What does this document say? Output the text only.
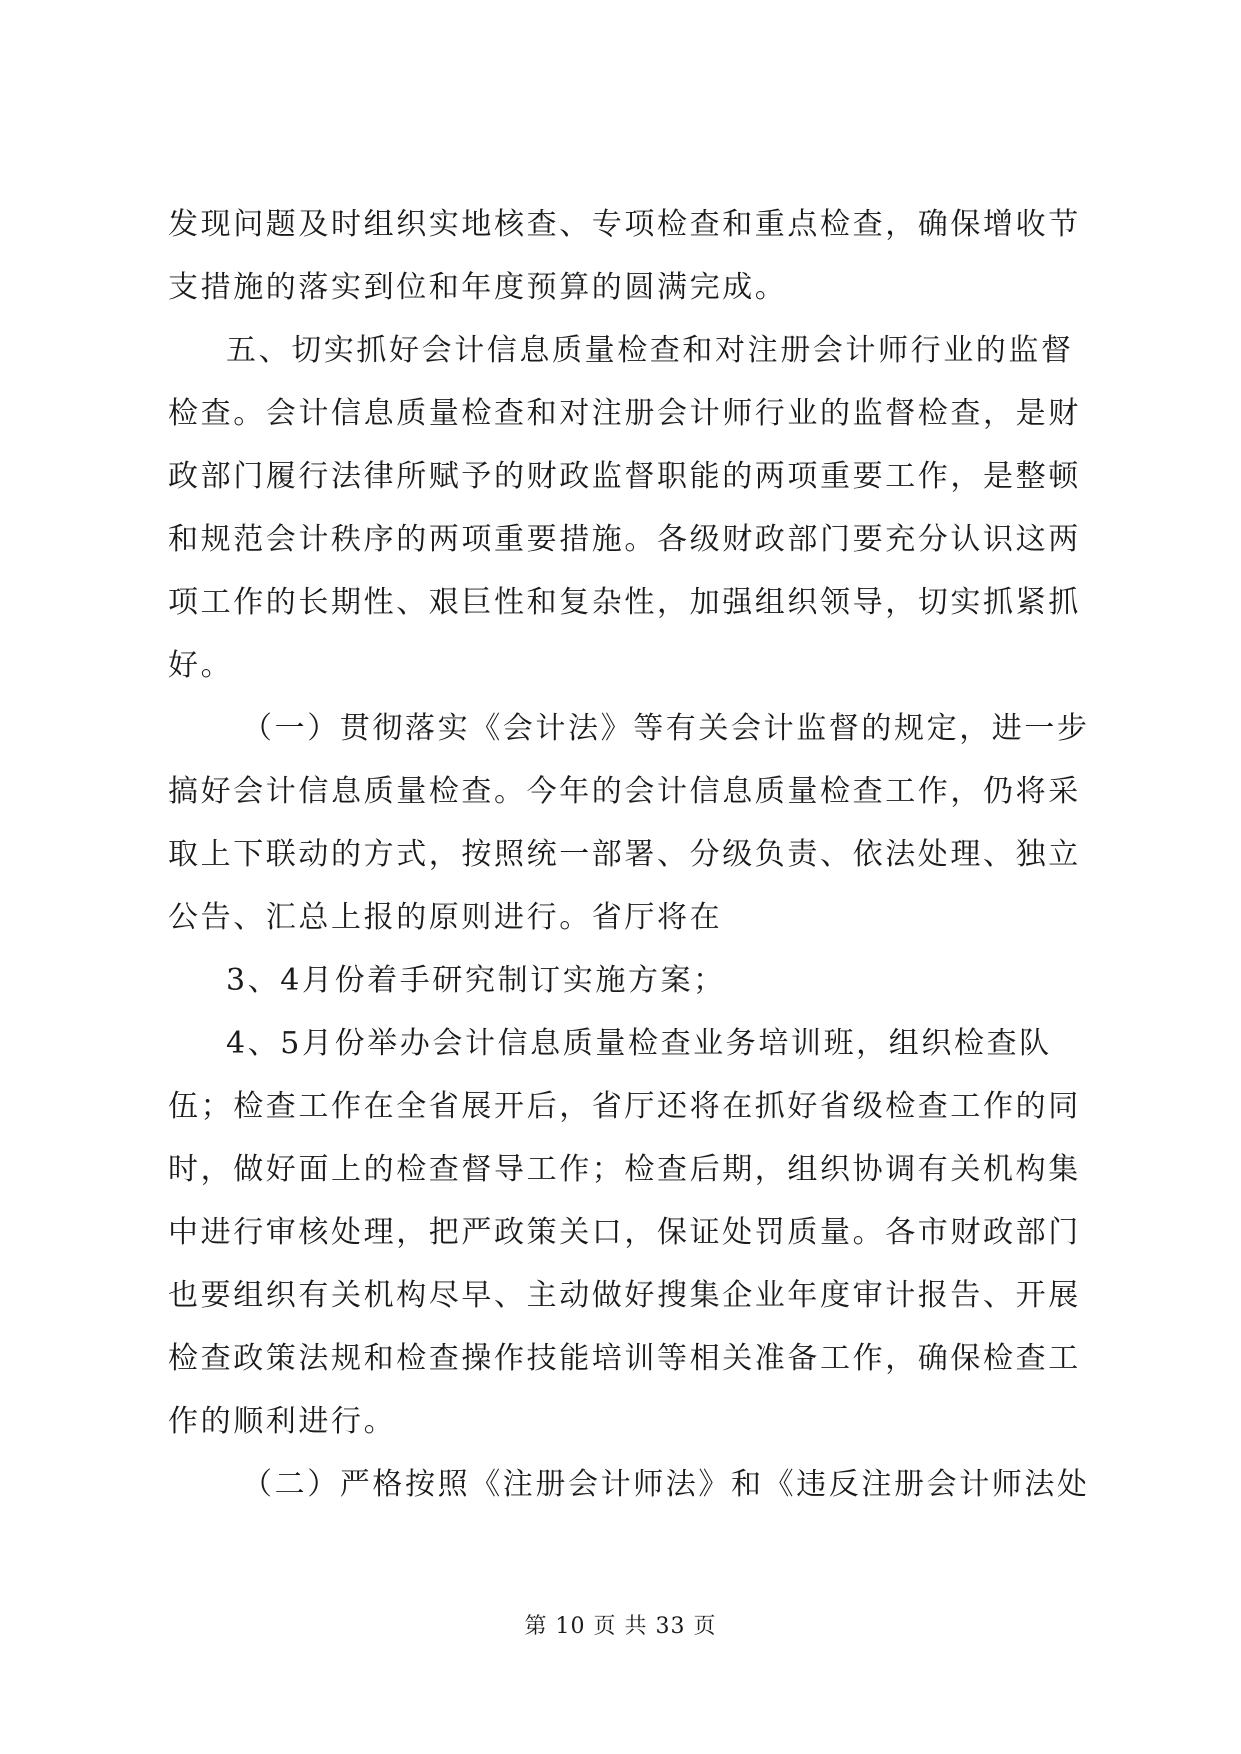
发现问题及时组织实地核查、专项检查和重点检查，确保增收节
支措施的落实到位和年度预算的圆满完成。
五、切实抓好会计信息质量检查和对注册会计师行业的监督
检查。会计信息质量检查和对注册会计师行业的监督检查，是财
政部门履行法律所赋予的财政监督职能的两项重要工作，是整顿
和规范会计秩序的两项重要措施。各级财政部门要充分认识这两
项工作的长期性、艰巨性和复杂性，加强组织领导，切实抓紧抓
好。
（一）贯彻落实《会计法》等有关会计监督的规定，进一步
搞好会计信息质量检查。今年的会计信息质量检查工作，仍将采
取上下联动的方式，按照统一部署、分级负责、依法处理、独立
公告、汇总上报的原则进行。省厅将在
3、4月份着手研究制订实施方案；
4、5月份举办会计信息质量检查业务培训班，组织检查队
伍；检查工作在全省展开后，省厅还将在抓好省级检查工作的同
时，做好面上的检查督导工作；检查后期，组织协调有关机构集
中进行审核处理，把严政策关口，保证处罚质量。各市财政部门
也要组织有关机构尽早、主动做好搜集企业年度审计报告、开展
检查政策法规和检查操作技能培训等相关准备工作，确保检查工
作的顺利进行。
（二）严格按照《注册会计师法》和《违反注册会计师法处
第 10 页 共 33 页
